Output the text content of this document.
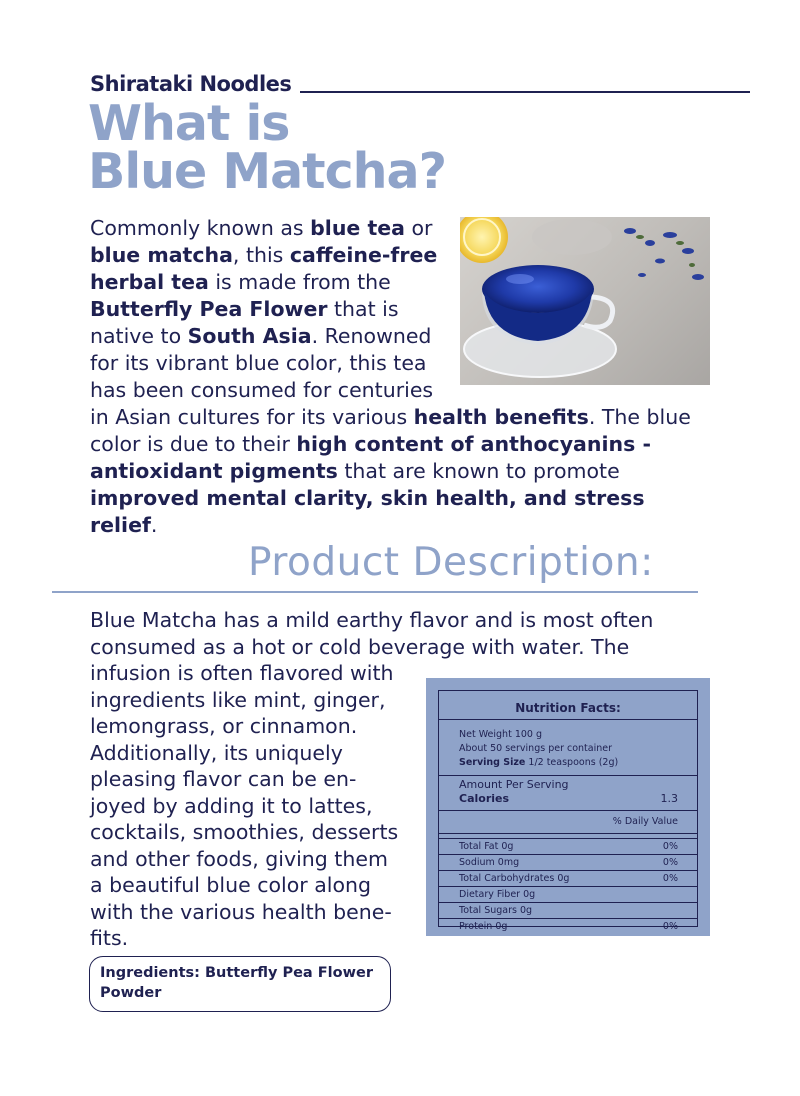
Shirataki Noodles
What is
Blue Matcha?
Commonly known as blue tea or blue matcha, this caffeine-free herbal tea is made from the Butterfly Pea Flower that is native to South Asia. Renowned for its vibrant blue color, this tea has been consumed for centuries in Asian cultures for its various health benefits. The blue color is due to their high content of anthocyanins - antioxidant pigments that are known to promote improved mental clarity, skin health, and stress relief.
Product Description:
Blue Matcha has a mild earthy flavor and is most often
consumed as a hot or cold beverage with water. The
infusion is often flavored with
ingredients like mint, ginger,
lemongrass, or cinnamon.
Additionally, its uniquely
pleasing flavor can be en-
joyed by adding it to lattes,
cocktails, smoothies, desserts
and other foods, giving them
a beautiful blue color along
with the various health bene-
fits.
Nutrition Facts:
Net Weight 100 g
About 50 servings per container
Serving Size 1/2 teaspoons (2g)
Amount Per Serving
Calories	1.3
% Daily Value
Total Fat 0g	0%
Sodium 0mg	0%
Total Carbohydrates 0g	0%
Dietary Fiber 0g
Total Sugars 0g
Protein 0g	0%
Ingredients: Butterfly Pea Flower
Powder
